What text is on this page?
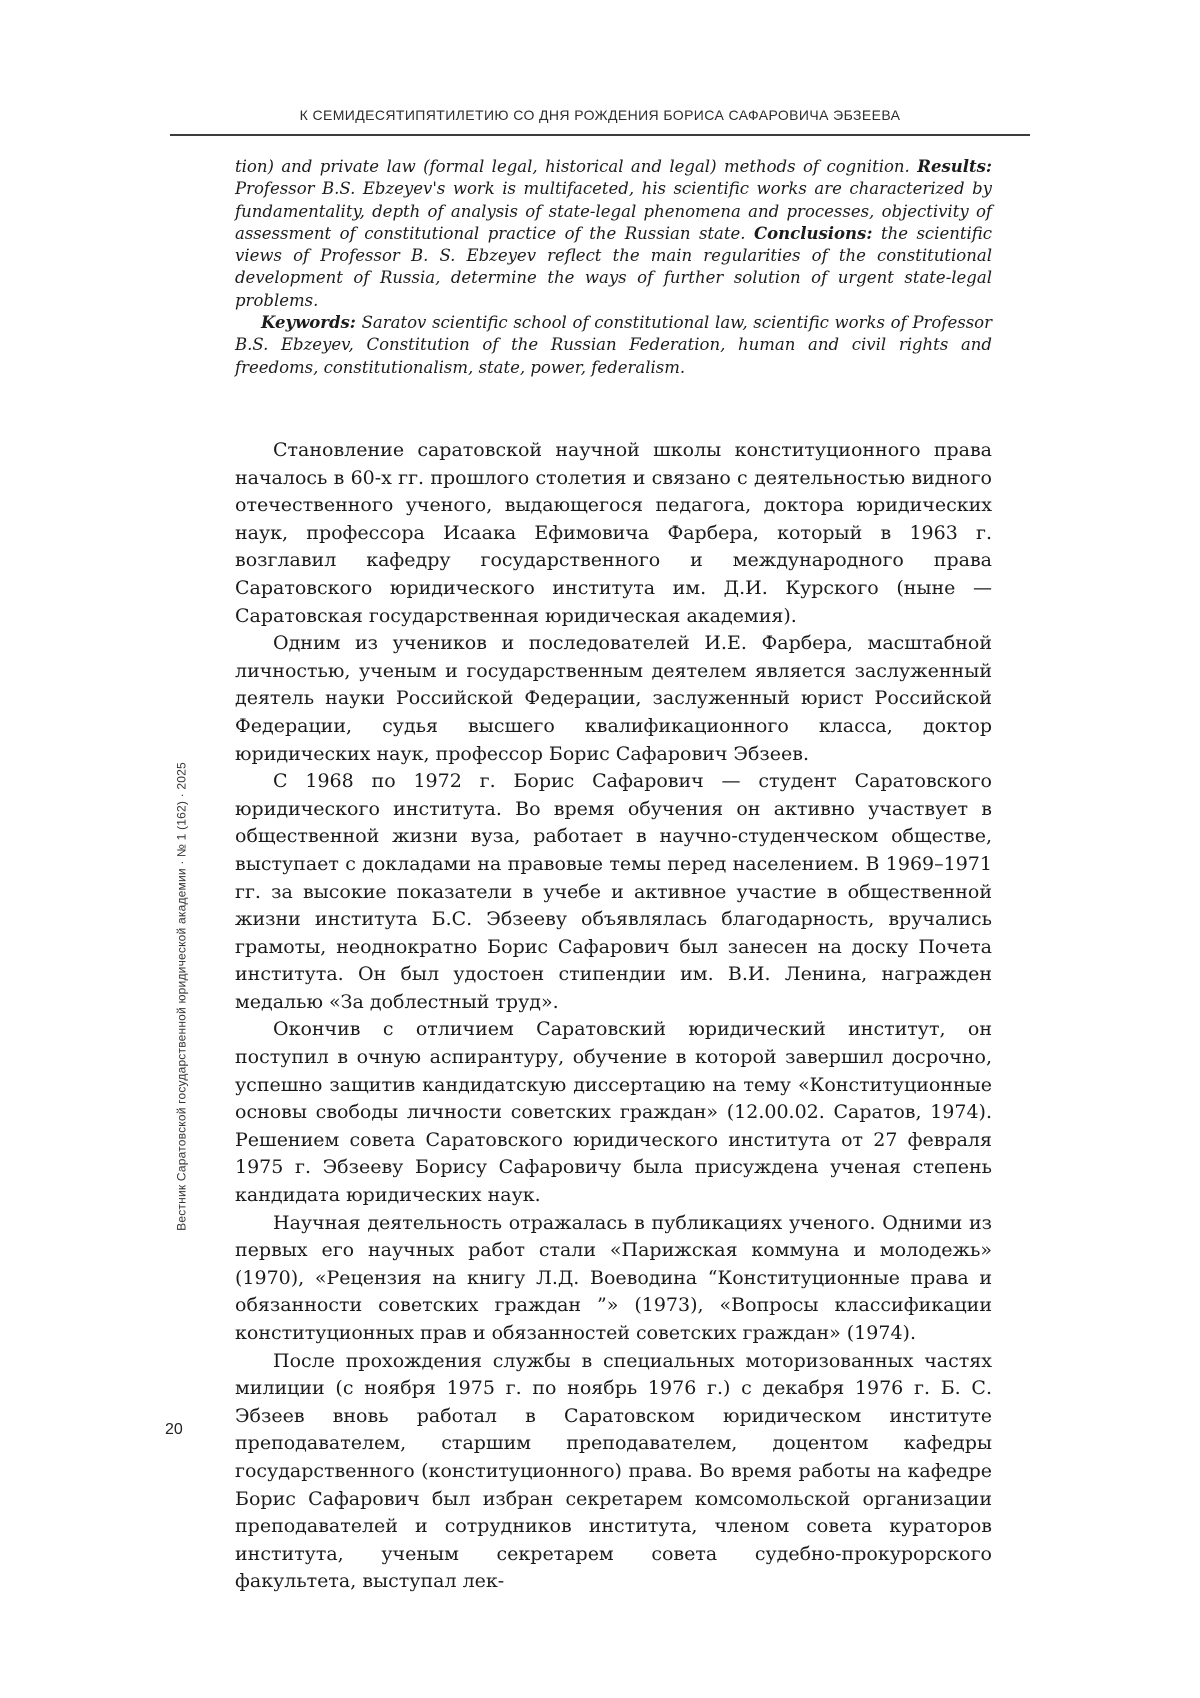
К СЕМИДЕСЯТИПЯТИЛЕТИЮ СО ДНЯ РОЖДЕНИЯ БОРИСА САФАРОВИЧА ЭБЗЕЕВА

tion) and private law (formal legal, historical and legal) methods of cognition. Results: Professor B.S. Ebzeyev's work is multifaceted, his scientific works are characterized by fundamentality, depth of analysis of state-legal phenomena and processes, objectivity of assessment of constitutional practice of the Russian state. Conclusions: the scientific views of Professor B. S. Ebzeyev reflect the main regularities of the constitutional development of Russia, determine the ways of further solution of urgent state-legal problems.

Keywords: Saratov scientific school of constitutional law, scientific works of Professor B.S. Ebzeyev, Constitution of the Russian Federation, human and civil rights and freedoms, constitutionalism, state, power, federalism.

Становление саратовской научной школы конституционного права началось в 60-х гг. прошлого столетия и связано с деятельностью видного отечественного ученого, выдающегося педагога, доктора юридических наук, профессора Исаака Ефимовича Фарбера, который в 1963 г. возглавил кафедру государственного и международного права Саратовского юридического института им. Д.И. Курского (ныне — Саратовская государственная юридическая академия).

Одним из учеников и последователей И.Е. Фарбера, масштабной личностью, ученым и государственным деятелем является заслуженный деятель науки Российской Федерации, заслуженный юрист Российской Федерации, судья высшего квалификационного класса, доктор юридических наук, профессор Борис Сафарович Эбзеев.

С 1968 по 1972 г. Борис Сафарович — студент Саратовского юридического института. Во время обучения он активно участвует в общественной жизни вуза, работает в научно-студенческом обществе, выступает с докладами на правовые темы перед населением. В 1969–1971 гг. за высокие показатели в учебе и активное участие в общественной жизни института Б.С. Эбзееву объявлялась благодарность, вручались грамоты, неоднократно Борис Сафарович был занесен на доску Почета института. Он был удостоен стипендии им. В.И. Ленина, награжден медалью «За доблестный труд».

Окончив с отличием Саратовский юридический институт, он поступил в очную аспирантуру, обучение в которой завершил досрочно, успешно защитив кандидатскую диссертацию на тему «Конституционные основы свободы личности советских граждан» (12.00.02. Саратов, 1974). Решением совета Саратовского юридического института от 27 февраля 1975 г. Эбзееву Борису Сафаровичу была присуждена ученая степень кандидата юридических наук.

Научная деятельность отражалась в публикациях ученого. Одними из первых его научных работ стали «Парижская коммуна и молодежь» (1970), «Рецензия на книгу Л.Д. Воеводина “Конституционные права и обязанности советских граждан ”» (1973), «Вопросы классификации конституционных прав и обязанностей советских граждан» (1974).

После прохождения службы в специальных моторизованных частях милиции (с ноября 1975 г. по ноябрь 1976 г.) с декабря 1976 г. Б. С. Эбзеев вновь работал в Саратовском юридическом институте преподавателем, старшим преподавателем, доцентом кафедры государственного (конституционного) права. Во время работы на кафедре Борис Сафарович был избран секретарем комсомольской организации преподавателей и сотрудников института, членом совета кураторов института, ученым секретарем совета судебно-прокурорского факультета, выступал лек-

Вестник Саратовской государственной юридической академии · № 1 (162) · 2025
20
